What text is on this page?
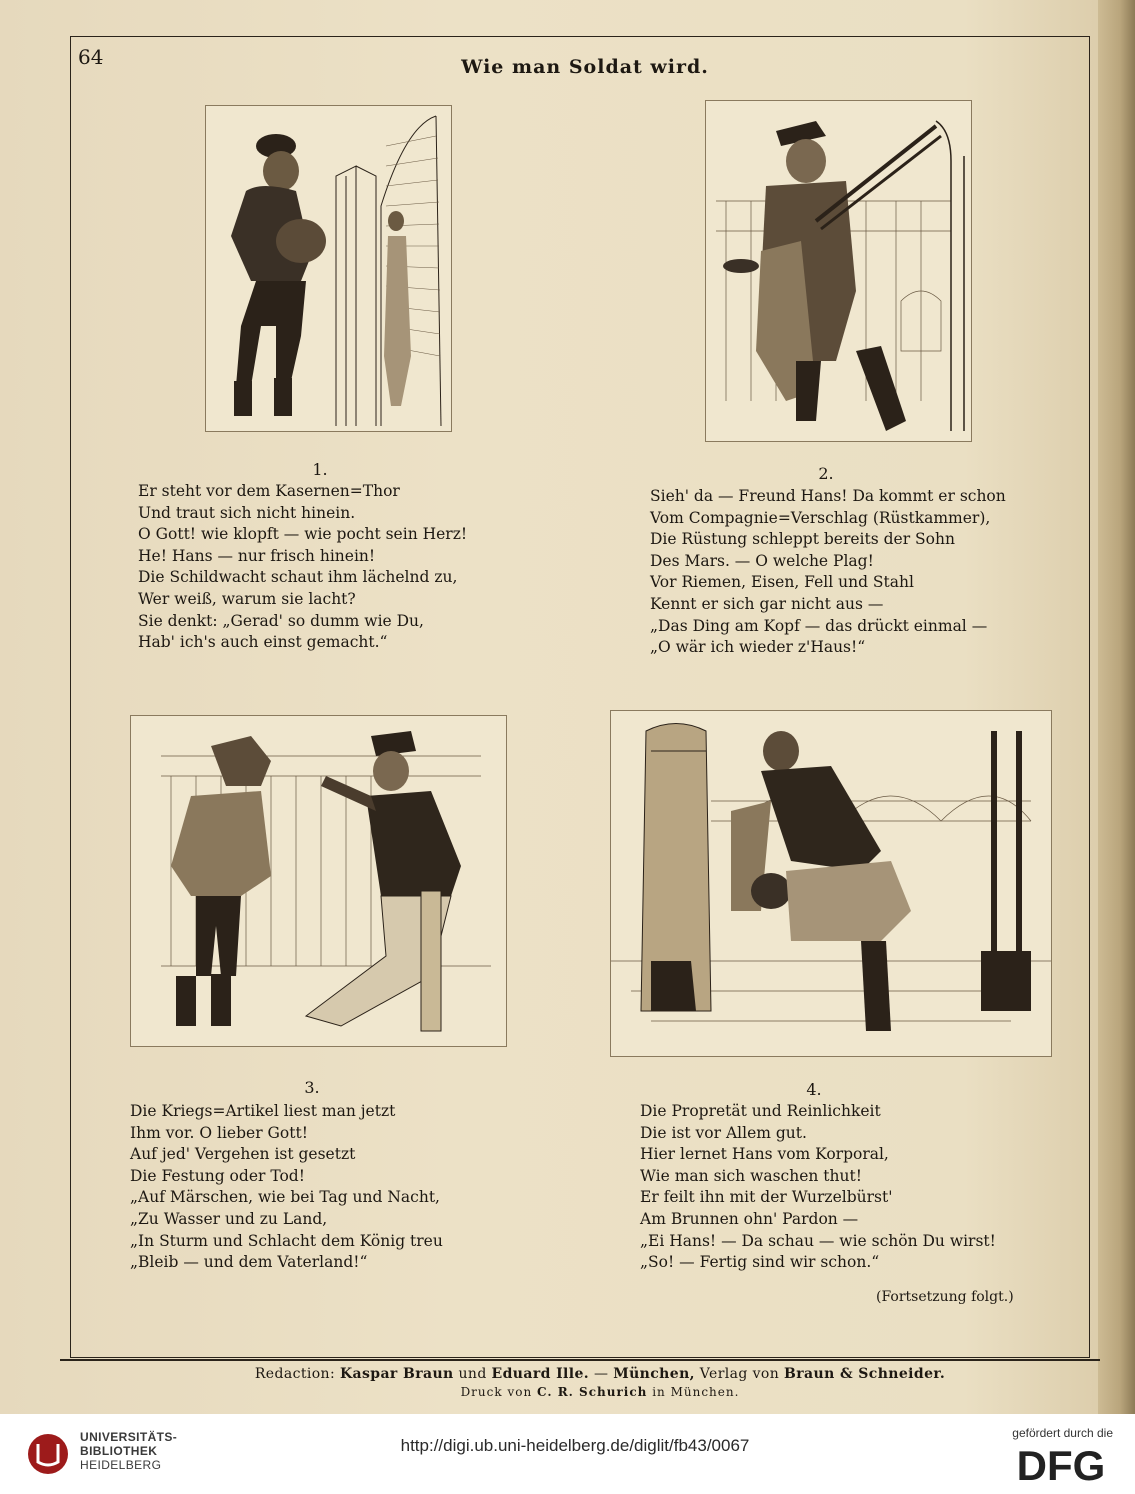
64	Wie man Soldat wird.
1.
Er steht vor dem Kasernen=Thor
Und traut sich nicht hinein.
O Gott! wie klopft — wie pocht sein Herz!
He! Hans — nur frisch hinein!
Die Schildwacht schaut ihm lächelnd zu,
Wer weiß, warum sie lacht?
Sie denkt: „Gerad' so dumm wie Du,
Hab' ich's auch einst gemacht.“
2.
Sieh' da — Freund Hans! Da kommt er schon
Vom Compagnie=Verschlag (Rüstkammer),
Die Rüstung schleppt bereits der Sohn
Des Mars. — O welche Plag!
Vor Riemen, Eisen, Fell und Stahl
Kennt er sich gar nicht aus —
„Das Ding am Kopf — das drückt einmal —
„O wär ich wieder z'Haus!“
3.
Die Kriegs=Artikel liest man jetzt
Ihm vor. O lieber Gott!
Auf jed' Vergehen ist gesetzt
Die Festung oder Tod!
„Auf Märschen, wie bei Tag und Nacht,
„Zu Wasser und zu Land,
„In Sturm und Schlacht dem König treu
„Bleib — und dem Vaterland!“
4.
Die Propretät und Reinlichkeit
Die ist vor Allem gut.
Hier lernet Hans vom Korporal,
Wie man sich waschen thut!
Er feilt ihn mit der Wurzelbürst'
Am Brunnen ohn' Pardon —
„Ei Hans! — Da schau — wie schön Du wirst!
„So! — Fertig sind wir schon.“
(Fortsetzung folgt.)
Redaction: Kaspar Braun und Eduard Ille. — München, Verlag von Braun & Schneider.
Druck von C. R. Schurich in München.
UNIVERSITÄTS-
BIBLIOTHEK
HEIDELBERG
http://digi.ub.uni-heidelberg.de/diglit/fb43/0067
gefördert durch die
DFG
